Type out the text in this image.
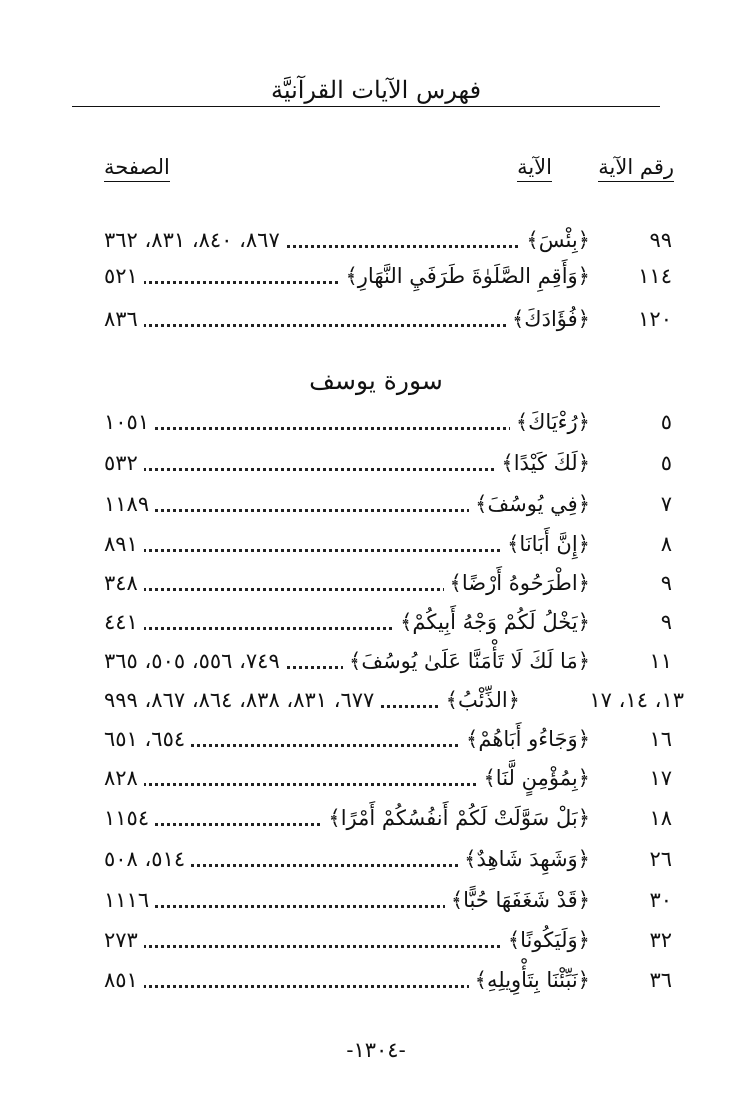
فهرس الآيات القرآنيَّة
رقم الآية
الآية
الصفحة
٩٩
﴿بِئْسَ﴾
٨٦٧، ٨٤٠، ٨٣١، ٣٦٢
١١٤
﴿وَأَقِمِ الصَّلَوٰةَ طَرَفَيِ النَّهَارِ﴾
٥٢١
١٢٠
﴿فُؤَادَكَ﴾
٨٣٦
سورة يوسف
٥
﴿رُءْيَاكَ﴾
١٠٥١
٥
﴿لَكَ كَيْدًا﴾
٥٣٢
٧
﴿فِي يُوسُفَ﴾
١١٨٩
٨
﴿إِنَّ أَبَانَا﴾
٨٩١
٩
﴿اطْرَحُوهُ أَرْضًا﴾
٣٤٨
٩
﴿يَخْلُ لَكُمْ وَجْهُ أَبِيكُمْ﴾
٤٤١
١١
﴿مَا لَكَ لَا تَأْمَنَّا عَلَىٰ يُوسُفَ﴾
٧٤٩، ٥٥٦، ٥٠٥، ٣٦٥
١٣، ١٤، ١٧
﴿الذِّئْبُ﴾
٦٧٧، ٨٣١، ٨٣٨، ٨٦٤، ٨٦٧، ٩٩٩
١٦
﴿وَجَاءُو أَبَاهُمْ﴾
٦٥٤، ٦٥١
١٧
﴿بِمُؤْمِنٍ لَّنَا﴾
٨٢٨
١٨
﴿بَلْ سَوَّلَتْ لَكُمْ أَنفُسُكُمْ أَمْرًا﴾
١١٥٤
٢٦
﴿وَشَهِدَ شَاهِدٌ﴾
٥١٤، ٥٠٨
٣٠
﴿قَدْ شَغَفَهَا حُبًّا﴾
١١١٦
٣٢
﴿وَلَيَكُونًا﴾
٢٧٣
٣٦
﴿نَبِّئْنَا بِتَأْوِيلِهِ﴾
٨٥١
-١٣٠٤-
